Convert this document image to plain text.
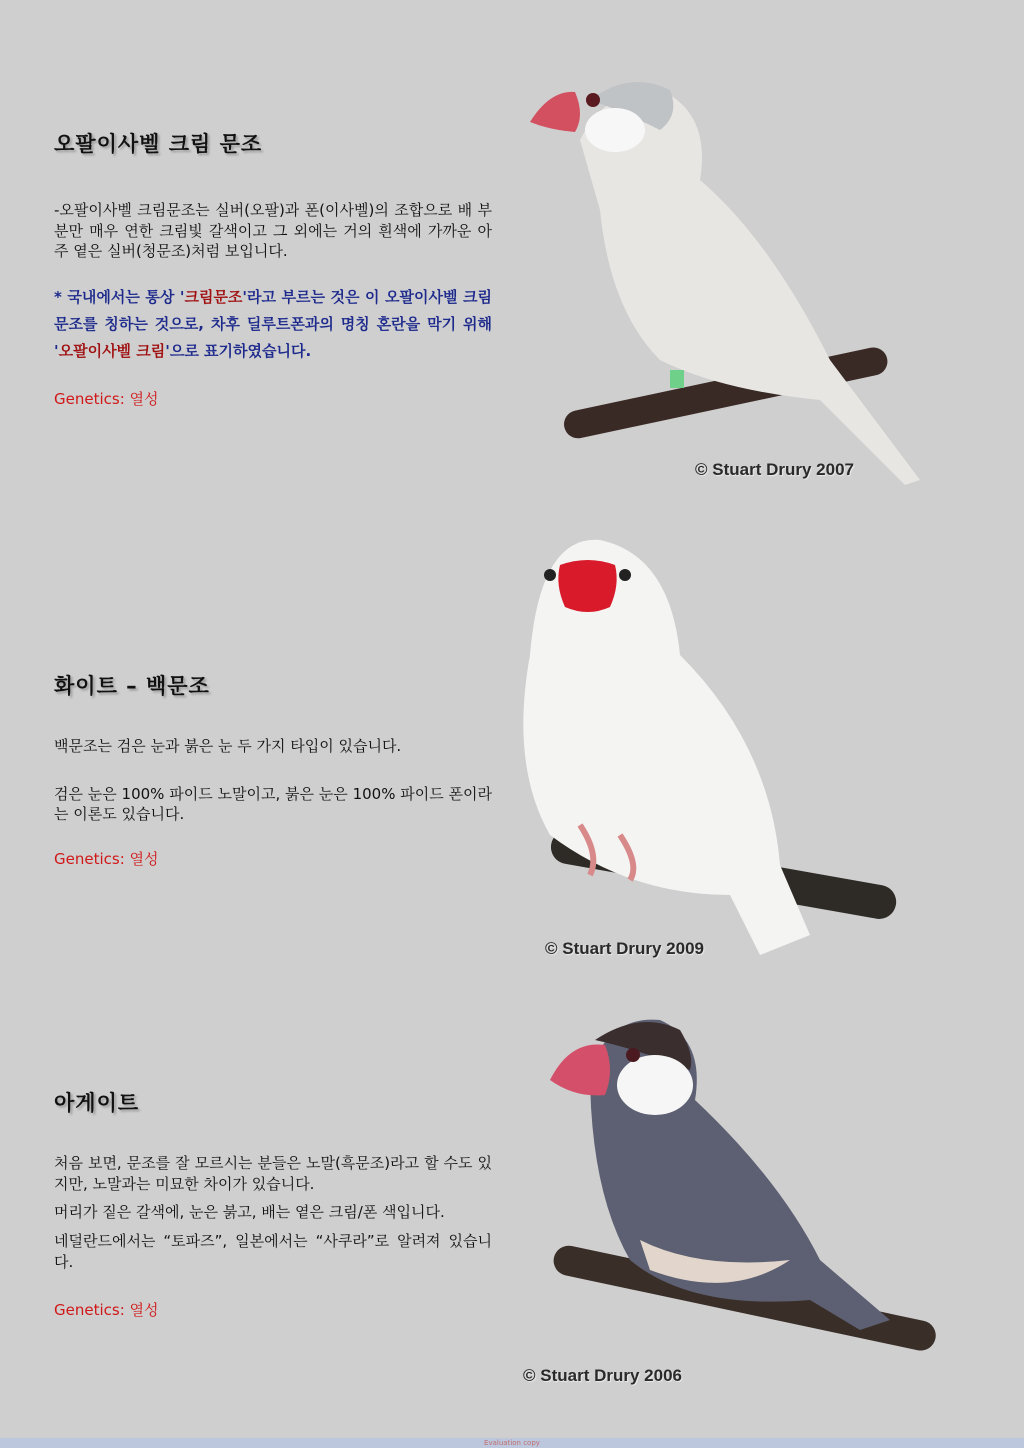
오팔이사벨 크림 문조

-오팔이사벨 크림문조는 실버(오팔)과 폰(이사벨)의 조합으로 배 부분만 매우 연한 크림빛 갈색이고 그 외에는 거의 흰색에 가까운 아주 옅은 실버(청문조)처럼 보입니다.

* 국내에서는 통상 '크림문조'라고 부르는 것은 이 오팔이사벨 크림문조를 칭하는 것으로, 차후 딜루트폰과의 명칭 혼란을 막기 위해 '오팔이사벨 크림'으로 표기하였습니다.

Genetics: 열성

© Stuart Drury 2007
화이트 – 백문조

백문조는 검은 눈과 붉은 눈 두 가지 타입이 있습니다.

검은 눈은 100% 파이드 노말이고, 붉은 눈은 100% 파이드 폰이라는 이론도 있습니다.

Genetics: 열성

© Stuart Drury 2009
아게이트

처음 보면, 문조를 잘 모르시는 분들은 노말(흑문조)라고 할 수도 있지만, 노말과는 미묘한 차이가 있습니다.

머리가 짙은 갈색에, 눈은 붉고, 배는 옅은 크림/폰 색입니다.

네덜란드에서는 “토파즈”, 일본에서는 “사쿠라”로 알려져 있습니다.

Genetics: 열성

© Stuart Drury 2006
Evaluation copy
